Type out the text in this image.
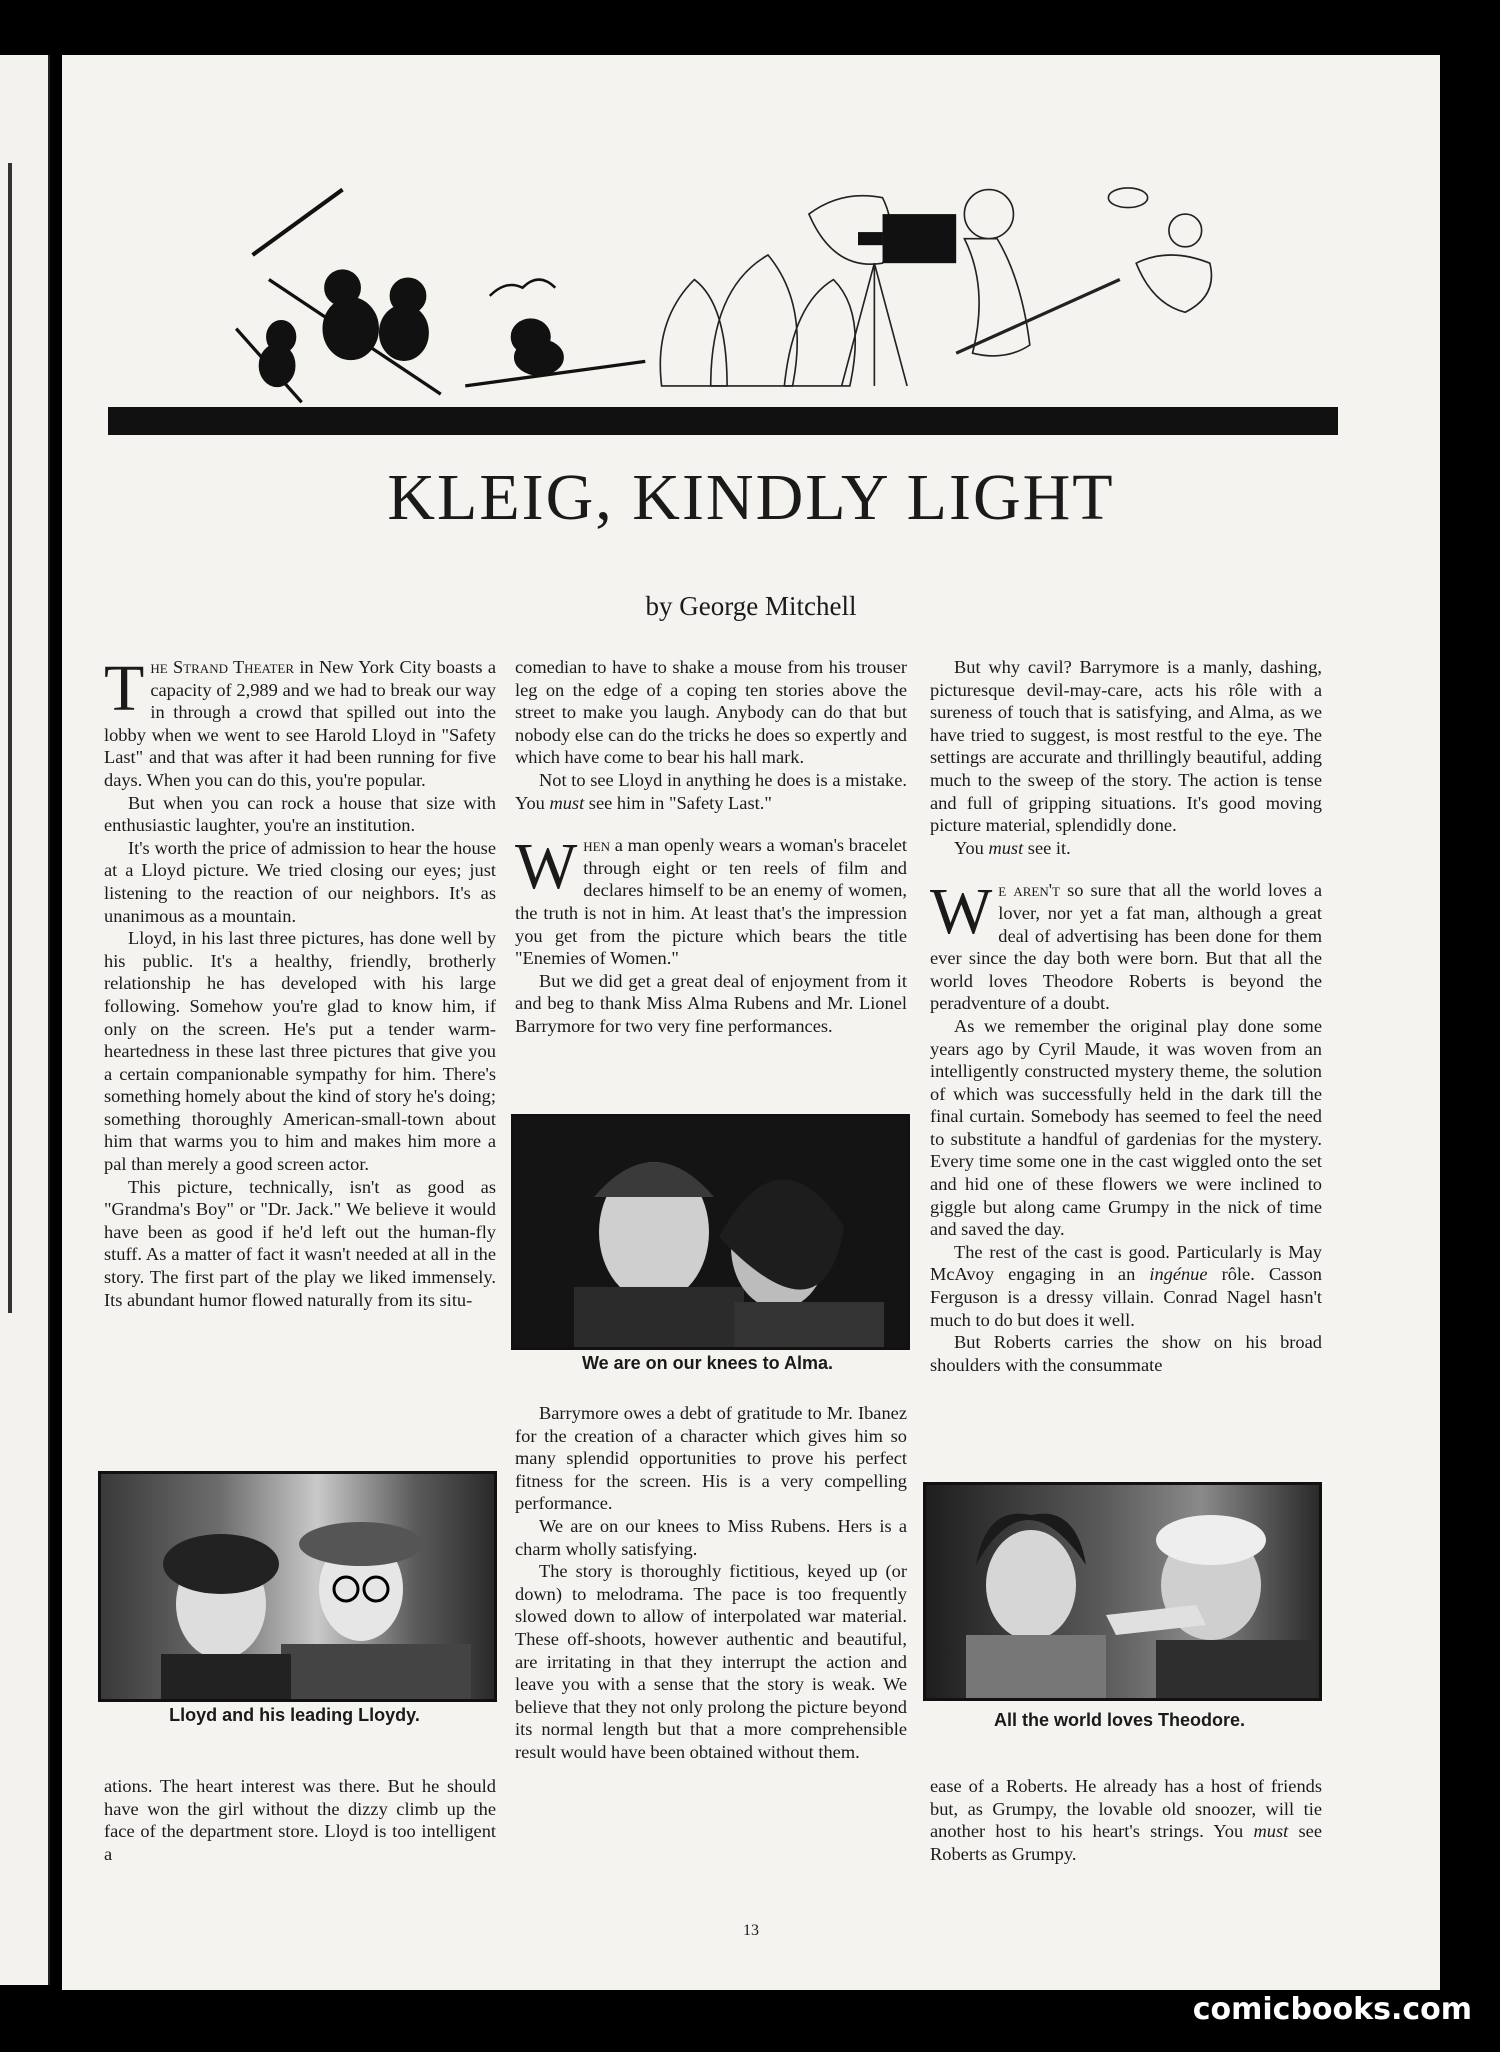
KLEIG, KINDLY LIGHT
by George Mitchell

The Strand Theater in New York City boasts a capacity of 2,989 and we had to break our way in through a crowd that spilled out into the lobby when we went to see Harold Lloyd in "Safety Last" and that was after it had been running for five days. When you can do this, you're popular.

But when you can rock a house that size with enthusiastic laughter, you're an institution.

It's worth the price of admission to hear the house at a Lloyd picture. We tried closing our eyes; just listening to the reaction of our neighbors. It's as unanimous as a mountain.

Lloyd, in his last three pictures, has done well by his public. It's a healthy, friendly, brotherly relationship he has developed with his large following. Somehow you're glad to know him, if only on the screen. He's put a tender warm-heartedness in these last three pictures that give you a certain companionable sympathy for him. There's something homely about the kind of story he's doing; something thoroughly American-small-town about him that warms you to him and makes him more a pal than merely a good screen actor.

This picture, technically, isn't as good as "Grandma's Boy" or "Dr. Jack." We believe it would have been as good if he'd left out the human-fly stuff. As a matter of fact it wasn't needed at all in the story. The first part of the play we liked immensely. Its abundant humor flowed naturally from its situ-

Lloyd and his leading Lloydy.

ations. The heart interest was there. But he should have won the girl without the dizzy climb up the face of the department store. Lloyd is too intelligent a

comedian to have to shake a mouse from his trouser leg on the edge of a coping ten stories above the street to make you laugh. Anybody can do that but nobody else can do the tricks he does so expertly and which have come to bear his hall mark.

Not to see Lloyd in anything he does is a mistake. You must see him in "Safety Last."

When a man openly wears a woman's bracelet through eight or ten reels of film and declares himself to be an enemy of women, the truth is not in him. At least that's the impression you get from the picture which bears the title "Enemies of Women."

But we did get a great deal of enjoyment from it and beg to thank Miss Alma Rubens and Mr. Lionel Barrymore for two very fine performances.

We are on our knees to Alma.

Barrymore owes a debt of gratitude to Mr. Ibanez for the creation of a character which gives him so many splendid opportunities to prove his perfect fitness for the screen. His is a very compelling performance.

We are on our knees to Miss Rubens. Hers is a charm wholly satisfying.

The story is thoroughly fictitious, keyed up (or down) to melodrama. The pace is too frequently slowed down to allow of interpolated war material. These off-shoots, however authentic and beautiful, are irritating in that they interrupt the action and leave you with a sense that the story is weak. We believe that they not only prolong the picture beyond its normal length but that a more comprehensible result would have been obtained without them.

But why cavil? Barrymore is a manly, dashing, picturesque devil-may-care, acts his rôle with a sureness of touch that is satisfying, and Alma, as we have tried to suggest, is most restful to the eye. The settings are accurate and thrillingly beautiful, adding much to the sweep of the story. The action is tense and full of gripping situations. It's good moving picture material, splendidly done.

You must see it.

We aren't so sure that all the world loves a lover, nor yet a fat man, although a great deal of advertising has been done for them ever since the day both were born. But that all the world loves Theodore Roberts is beyond the peradventure of a doubt.

As we remember the original play done some years ago by Cyril Maude, it was woven from an intelligently constructed mystery theme, the solution of which was successfully held in the dark till the final curtain. Somebody has seemed to feel the need to substitute a handful of gardenias for the mystery. Every time some one in the cast wiggled onto the set and hid one of these flowers we were inclined to giggle but along came Grumpy in the nick of time and saved the day.

The rest of the cast is good. Particularly is May McAvoy engaging in an ingénue rôle. Casson Ferguson is a dressy villain. Conrad Nagel hasn't much to do but does it well.

But Roberts carries the show on his broad shoulders with the consummate

All the world loves Theodore.

ease of a Roberts. He already has a host of friends but, as Grumpy, the lovable old snoozer, will tie another host to his heart's strings. You must see Roberts as Grumpy.

13
comicbooks.com
